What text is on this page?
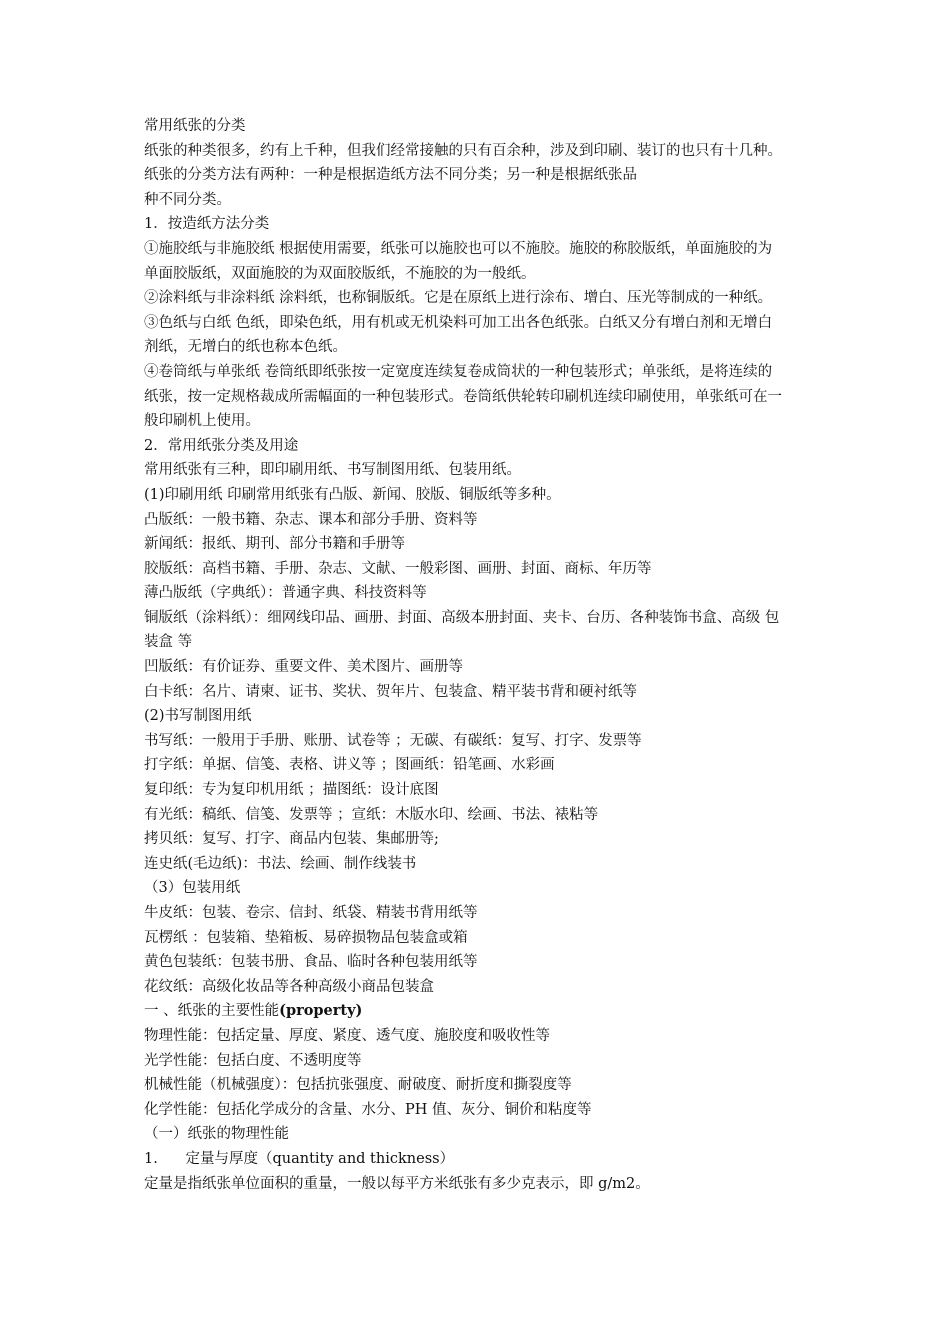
常用纸张的分类
纸张的种类很多，约有上千种，但我们经常接触的只有百余种，涉及到印刷、装订的也只有十几种。
纸张的分类方法有两种：一种是根据造纸方法不同分类；另一种是根据纸张品
种不同分类。
1．按造纸方法分类
①施胶纸与非施胶纸 根据使用需要，纸张可以施胶也可以不施胶。施胶的称胶版纸，单面施胶的为
单面胶版纸，双面施胶的为双面胶版纸，不施胶的为一般纸。
②涂料纸与非涂料纸 涂料纸，也称铜版纸。它是在原纸上进行涂布、增白、压光等制成的一种纸。
③色纸与白纸 色纸，即染色纸，用有机或无机染料可加工出各色纸张。白纸又分有增白剂和无增白
剂纸，无增白的纸也称本色纸。
④卷筒纸与单张纸 卷筒纸即纸张按一定宽度连续复卷成筒状的一种包装形式；单张纸，是将连续的
纸张，按一定规格裁成所需幅面的一种包装形式。卷筒纸供轮转印刷机连续印刷使用，单张纸可在一
般印刷机上使用。
2．常用纸张分类及用途
常用纸张有三种，即印刷用纸、书写制图用纸、包装用纸。
(1)印刷用纸 印刷常用纸张有凸版、新闻、胶版、铜版纸等多种。
凸版纸：一般书籍、杂志、课本和部分手册、资料等
新闻纸：报纸、期刊、部分书籍和手册等
胶版纸：高档书籍、手册、杂志、文献、一般彩图、画册、封面、商标、年历等
薄凸版纸（字典纸）：普通字典、科技资料等
铜版纸（涂料纸）：细网线印品、画册、封面、高级本册封面、夹卡、台历、各种装饰书盒、高级 包
装盒 等
凹版纸：有价证券、重要文件、美术图片、画册等
白卡纸：名片、请柬、证书、奖状、贺年片、包装盒、精平装书背和硬衬纸等
(2)书写制图用纸
书写纸：一般用于手册、账册、试卷等 ；无碳、有碳纸：复写、打字、发票等
打字纸：单据、信笺、表格、讲义等 ；图画纸：铅笔画、水彩画
复印纸：专为复印机用纸 ；描图纸：设计底图
有光纸：稿纸、信笺、发票等 ；宣纸：木版水印、绘画、书法、裱粘等
拷贝纸：复写、打字、商品内包装、集邮册等;
连史纸(毛边纸)：书法、绘画、制作线装书
（3）包装用纸
牛皮纸：包装、卷宗、信封、纸袋、精装书背用纸等
瓦楞纸 ：包装箱、垫箱板、易碎损物品包装盒或箱
黄色包装纸：包装书册、食品、临时各种包装用纸等
花纹纸：高级化妆品等各种高级小商品包装盒
一 、纸张的主要性能(property)
物理性能：包括定量、厚度、紧度、透气度、施胶度和吸收性等
光学性能：包括白度、不透明度等
机械性能（机械强度）：包括抗张强度、耐破度、耐折度和撕裂度等
化学性能：包括化学成分的含量、水分、PH 值、灰分、铜价和粘度等
（一）纸张的物理性能
1.      定量与厚度（quantity and thickness）
定量是指纸张单位面积的重量，一般以每平方米纸张有多少克表示，即 g/m2。
